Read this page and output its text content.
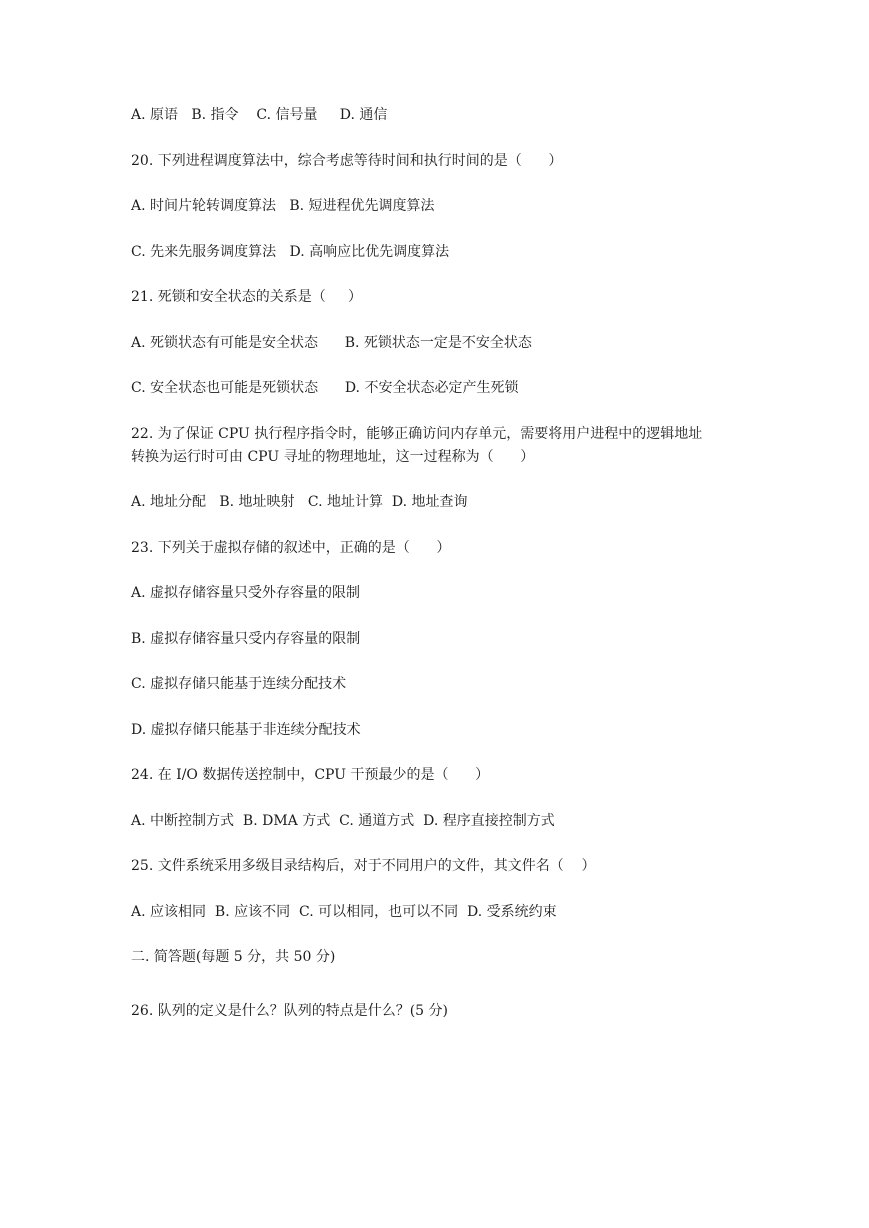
A. 原语   B. 指令    C. 信号量     D. 通信
20. 下列进程调度算法中，综合考虑等待时间和执行时间的是（      ）
A. 时间片轮转调度算法   B. 短进程优先调度算法
C. 先来先服务调度算法   D. 高响应比优先调度算法
21. 死锁和安全状态的关系是（     ）
A. 死锁状态有可能是安全状态      B. 死锁状态一定是不安全状态
C. 安全状态也可能是死锁状态      D. 不安全状态必定产生死锁
22. 为了保证 CPU 执行程序指令时，能够正确访问内存单元，需要将用户进程中的逻辑地址
转换为运行时可由 CPU 寻址的物理地址，这一过程称为（      ）
A. 地址分配   B. 地址映射   C. 地址计算  D. 地址查询
23. 下列关于虚拟存储的叙述中，正确的是（      ）
A. 虚拟存储容量只受外存容量的限制
B. 虚拟存储容量只受内存容量的限制
C. 虚拟存储只能基于连续分配技术
D. 虚拟存储只能基于非连续分配技术
24. 在 I/O 数据传送控制中，CPU 干预最少的是（      ）
A. 中断控制方式  B. DMA 方式  C. 通道方式  D. 程序直接控制方式
25. 文件系统采用多级目录结构后，对于不同用户的文件，其文件名（    ）
A. 应该相同  B. 应该不同  C. 可以相同，也可以不同  D. 受系统约束
二. 简答题(每题 5 分，共 50 分)
26. 队列的定义是什么？队列的特点是什么？(5 分)
